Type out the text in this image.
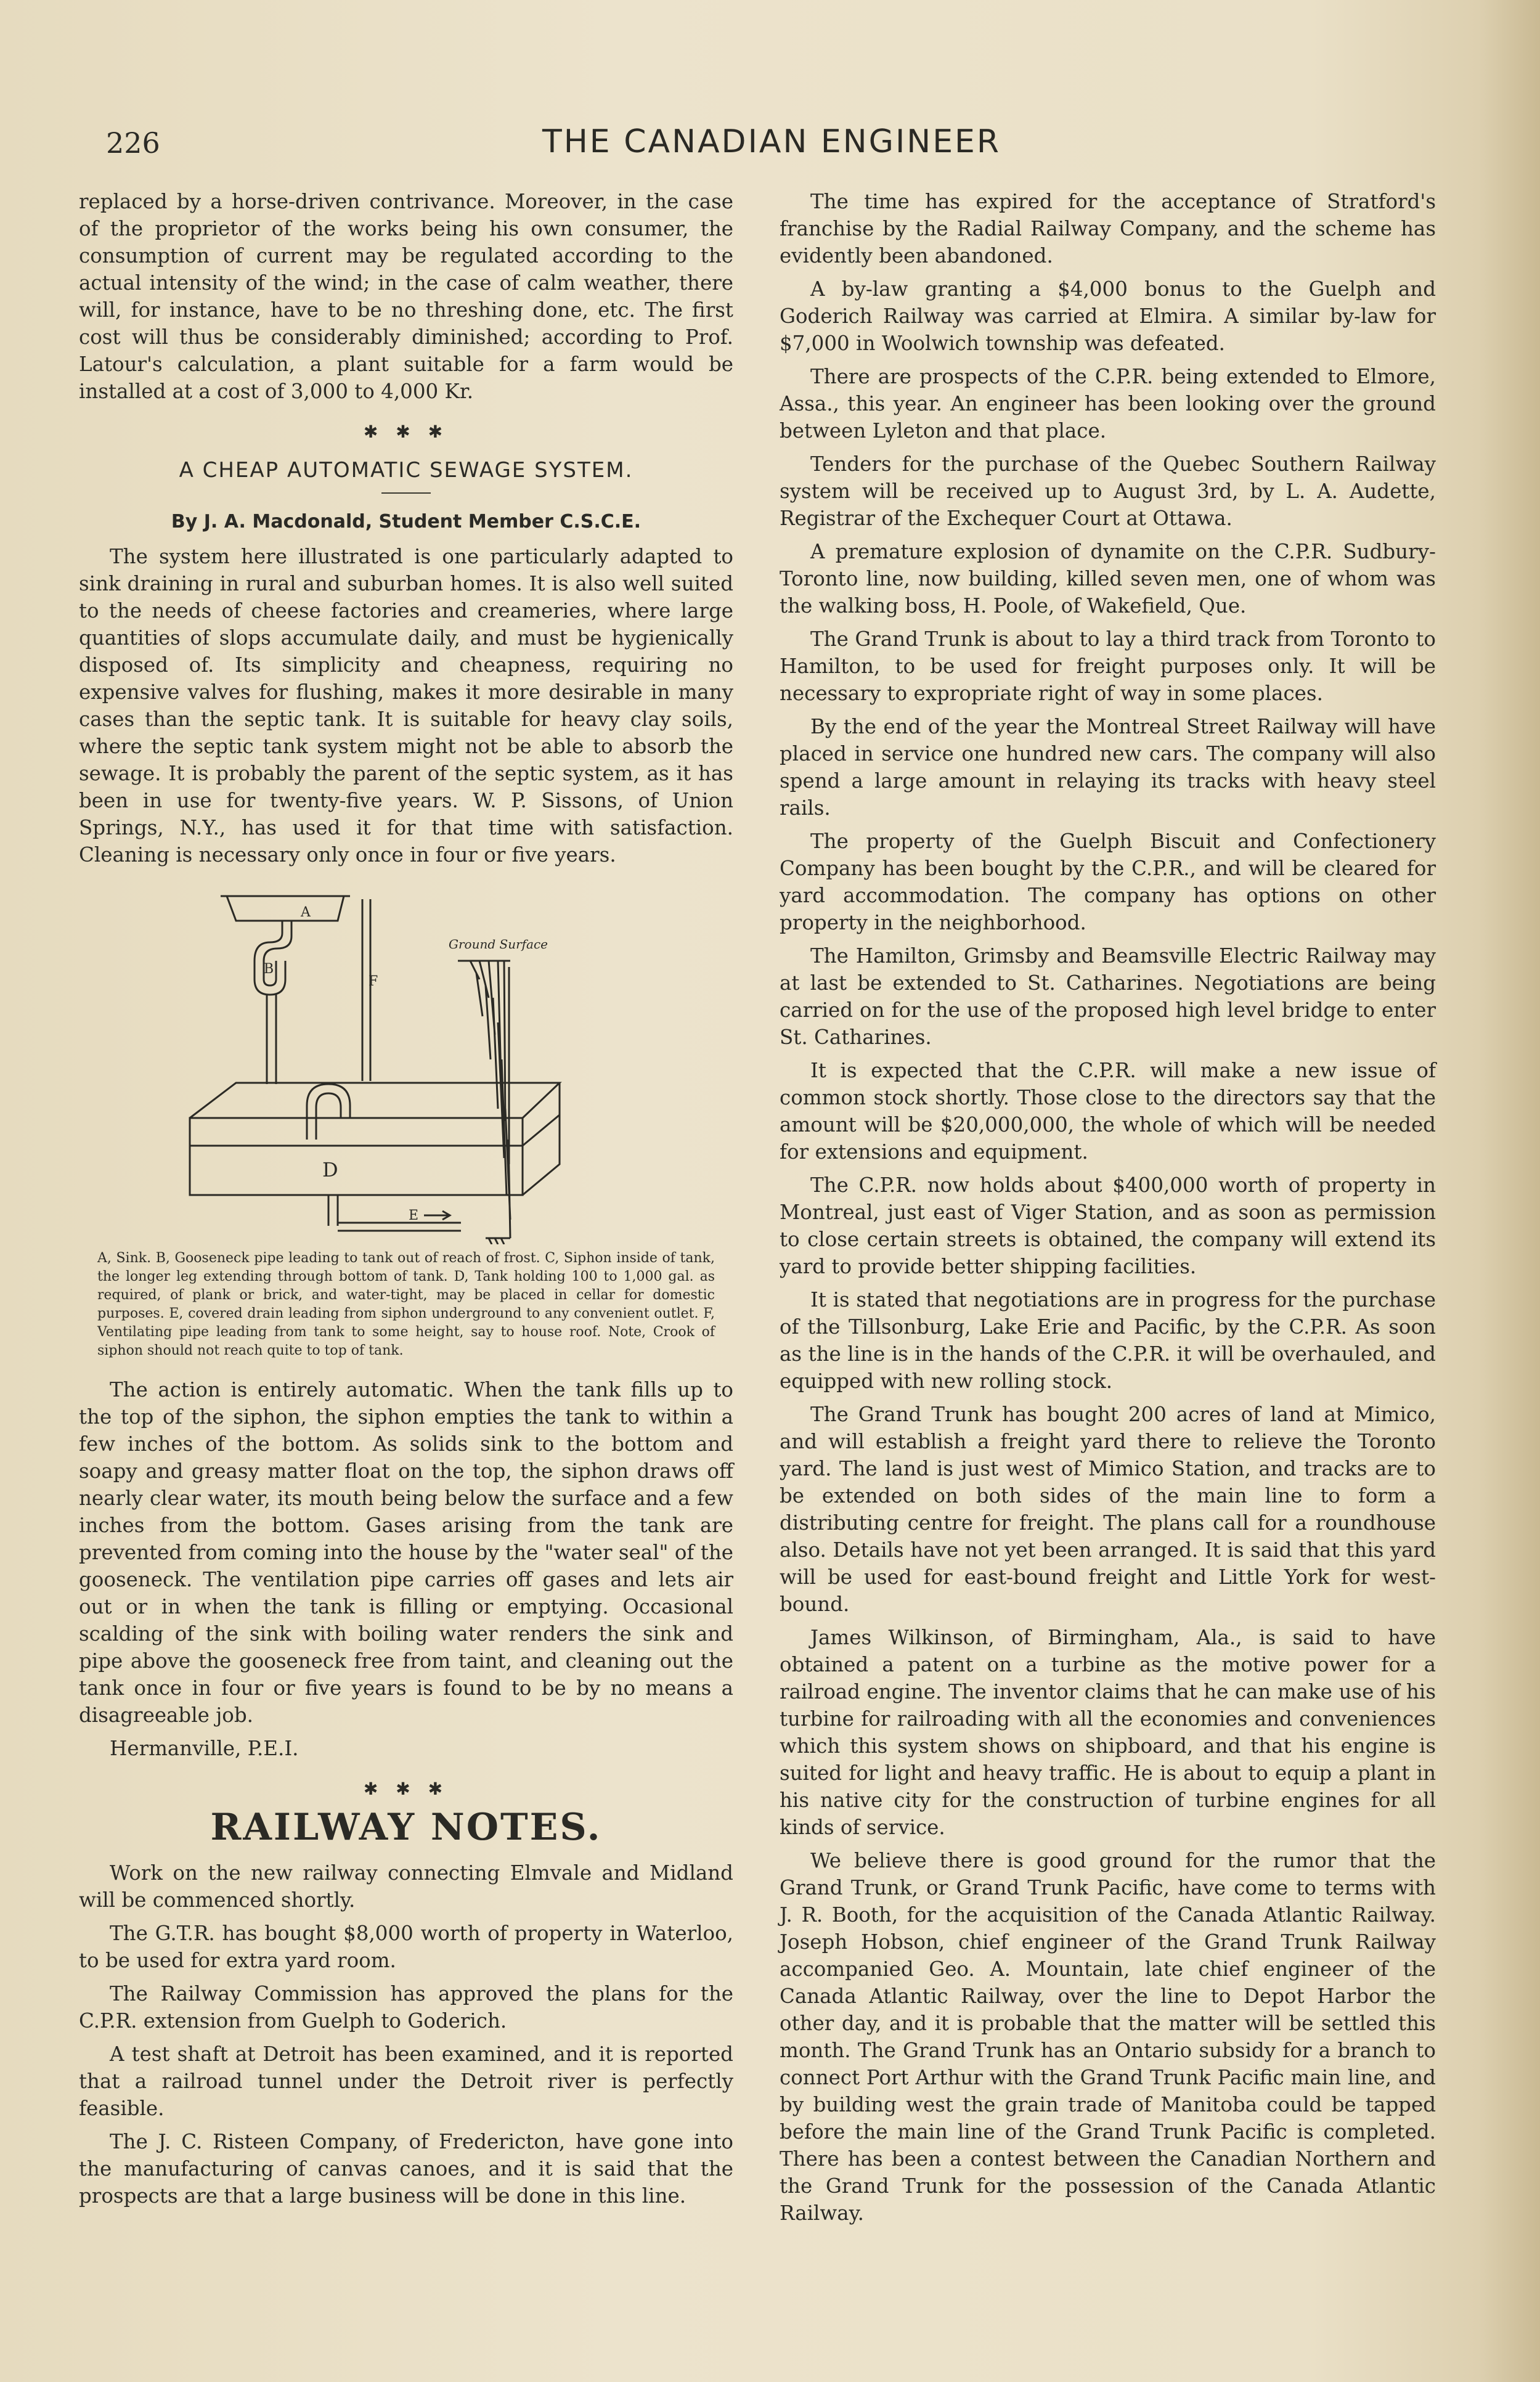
226	THE CANADIAN ENGINEER

replaced by a horse-driven contrivance. Moreover, in the case of the proprietor of the works being his own consumer, the consumption of current may be regulated according to the actual intensity of the wind; in the case of calm weather, there will, for instance, have to be no threshing done, etc. The first cost will thus be considerably diminished; according to Prof. Latour's calculation, a plant suitable for a farm would be installed at a cost of 3,000 to 4,000 Kr.

✱ ✱ ✱
A CHEAP AUTOMATIC SEWAGE SYSTEM.
By J. A. Macdonald, Student Member C.S.C.E.

The system here illustrated is one particularly adapted to sink draining in rural and suburban homes. It is also well suited to the needs of cheese factories and creameries, where large quantities of slops accumulate daily, and must be hygienically disposed of. Its simplicity and cheapness, requiring no expensive valves for flushing, makes it more desirable in many cases than the septic tank. It is suitable for heavy clay soils, where the septic tank system might not be able to absorb the sewage. It is probably the parent of the septic system, as it has been in use for twenty-five years. W. P. Sissons, of Union Springs, N.Y., has used it for that time with satisfaction. Cleaning is necessary only once in four or five years.

A
B
F
D
E
Ground Surface
A, Sink. B, Gooseneck pipe leading to tank out of reach of frost. C, Siphon inside of tank, the longer leg extending through bottom of tank. D, Tank holding 100 to 1,000 gal. as required, of plank or brick, and water-tight, may be placed in cellar for domestic purposes. E, covered drain leading from siphon underground to any convenient outlet. F, Ventilating pipe leading from tank to some height, say to house roof. Note, Crook of siphon should not reach quite to top of tank.

The action is entirely automatic. When the tank fills up to the top of the siphon, the siphon empties the tank to within a few inches of the bottom. As solids sink to the bottom and soapy and greasy matter float on the top, the siphon draws off nearly clear water, its mouth being below the surface and a few inches from the bottom. Gases arising from the tank are prevented from coming into the house by the "water seal" of the gooseneck. The ventilation pipe carries off gases and lets air out or in when the tank is filling or emptying. Occasional scalding of the sink with boiling water renders the sink and pipe above the gooseneck free from taint, and cleaning out the tank once in four or five years is found to be by no means a disagreeable job.

Hermanville, P.E.I.

✱ ✱ ✱
RAILWAY NOTES.

Work on the new railway connecting Elmvale and Midland will be commenced shortly.

The G.T.R. has bought $8,000 worth of property in Waterloo, to be used for extra yard room.

The Railway Commission has approved the plans for the C.P.R. extension from Guelph to Goderich.

A test shaft at Detroit has been examined, and it is reported that a railroad tunnel under the Detroit river is perfectly feasible.

The J. C. Risteen Company, of Fredericton, have gone into the manufacturing of canvas canoes, and it is said that the prospects are that a large business will be done in this line.

The time has expired for the acceptance of Stratford's franchise by the Radial Railway Company, and the scheme has evidently been abandoned.

A by-law granting a $4,000 bonus to the Guelph and Goderich Railway was carried at Elmira. A similar by-law for $7,000 in Woolwich township was defeated.

There are prospects of the C.P.R. being extended to Elmore, Assa., this year. An engineer has been looking over the ground between Lyleton and that place.

Tenders for the purchase of the Quebec Southern Railway system will be received up to August 3rd, by L. A. Audette, Registrar of the Exchequer Court at Ottawa.

A premature explosion of dynamite on the C.P.R. Sudbury-Toronto line, now building, killed seven men, one of whom was the walking boss, H. Poole, of Wakefield, Que.

The Grand Trunk is about to lay a third track from Toronto to Hamilton, to be used for freight purposes only. It will be necessary to expropriate right of way in some places.

By the end of the year the Montreal Street Railway will have placed in service one hundred new cars. The company will also spend a large amount in relaying its tracks with heavy steel rails.

The property of the Guelph Biscuit and Confectionery Company has been bought by the C.P.R., and will be cleared for yard accommodation. The company has options on other property in the neighborhood.

The Hamilton, Grimsby and Beamsville Electric Railway may at last be extended to St. Catharines. Negotiations are being carried on for the use of the proposed high level bridge to enter St. Catharines.

It is expected that the C.P.R. will make a new issue of common stock shortly. Those close to the directors say that the amount will be $20,000,000, the whole of which will be needed for extensions and equipment.

The C.P.R. now holds about $400,000 worth of property in Montreal, just east of Viger Station, and as soon as permission to close certain streets is obtained, the company will extend its yard to provide better shipping facilities.

It is stated that negotiations are in progress for the purchase of the Tillsonburg, Lake Erie and Pacific, by the C.P.R. As soon as the line is in the hands of the C.P.R. it will be overhauled, and equipped with new rolling stock.

The Grand Trunk has bought 200 acres of land at Mimico, and will establish a freight yard there to relieve the Toronto yard. The land is just west of Mimico Station, and tracks are to be extended on both sides of the main line to form a distributing centre for freight. The plans call for a roundhouse also. Details have not yet been arranged. It is said that this yard will be used for east-bound freight and Little York for west-bound.

James Wilkinson, of Birmingham, Ala., is said to have obtained a patent on a turbine as the motive power for a railroad engine. The inventor claims that he can make use of his turbine for railroading with all the economies and conveniences which this system shows on shipboard, and that his engine is suited for light and heavy traffic. He is about to equip a plant in his native city for the construction of turbine engines for all kinds of service.

We believe there is good ground for the rumor that the Grand Trunk, or Grand Trunk Pacific, have come to terms with J. R. Booth, for the acquisition of the Canada Atlantic Railway. Joseph Hobson, chief engineer of the Grand Trunk Railway accompanied Geo. A. Mountain, late chief engineer of the Canada Atlantic Railway, over the line to Depot Harbor the other day, and it is probable that the matter will be settled this month. The Grand Trunk has an Ontario subsidy for a branch to connect Port Arthur with the Grand Trunk Pacific main line, and by building west the grain trade of Manitoba could be tapped before the main line of the Grand Trunk Pacific is completed. There has been a contest between the Canadian Northern and the Grand Trunk for the possession of the Canada Atlantic Railway.
